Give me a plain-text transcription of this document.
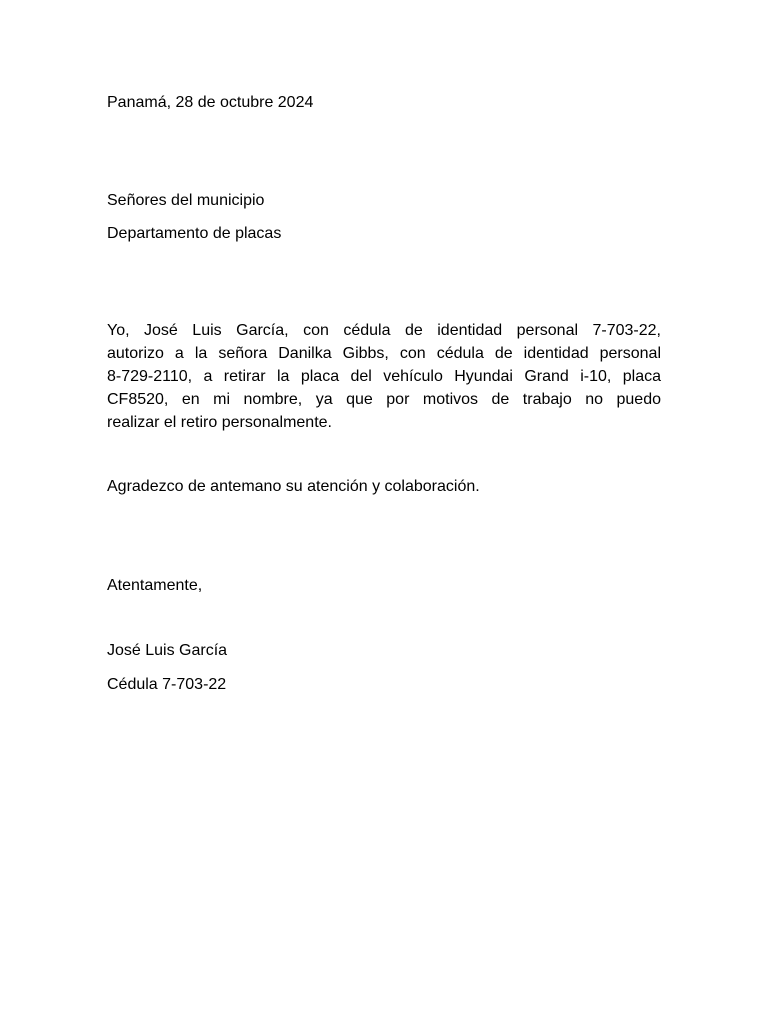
Panamá, 28 de octubre 2024
Señores del municipio
Departamento de placas
Yo, José Luis García, con cédula de identidad personal 7-703-22,
autorizo a la señora Danilka Gibbs, con cédula de identidad personal
8-729-2110, a retirar la placa del vehículo Hyundai Grand i-10, placa
CF8520, en mi nombre, ya que por motivos de trabajo no puedo
realizar el retiro personalmente.
Agradezco de antemano su atención y colaboración.
Atentamente,
José Luis García
Cédula 7-703-22
